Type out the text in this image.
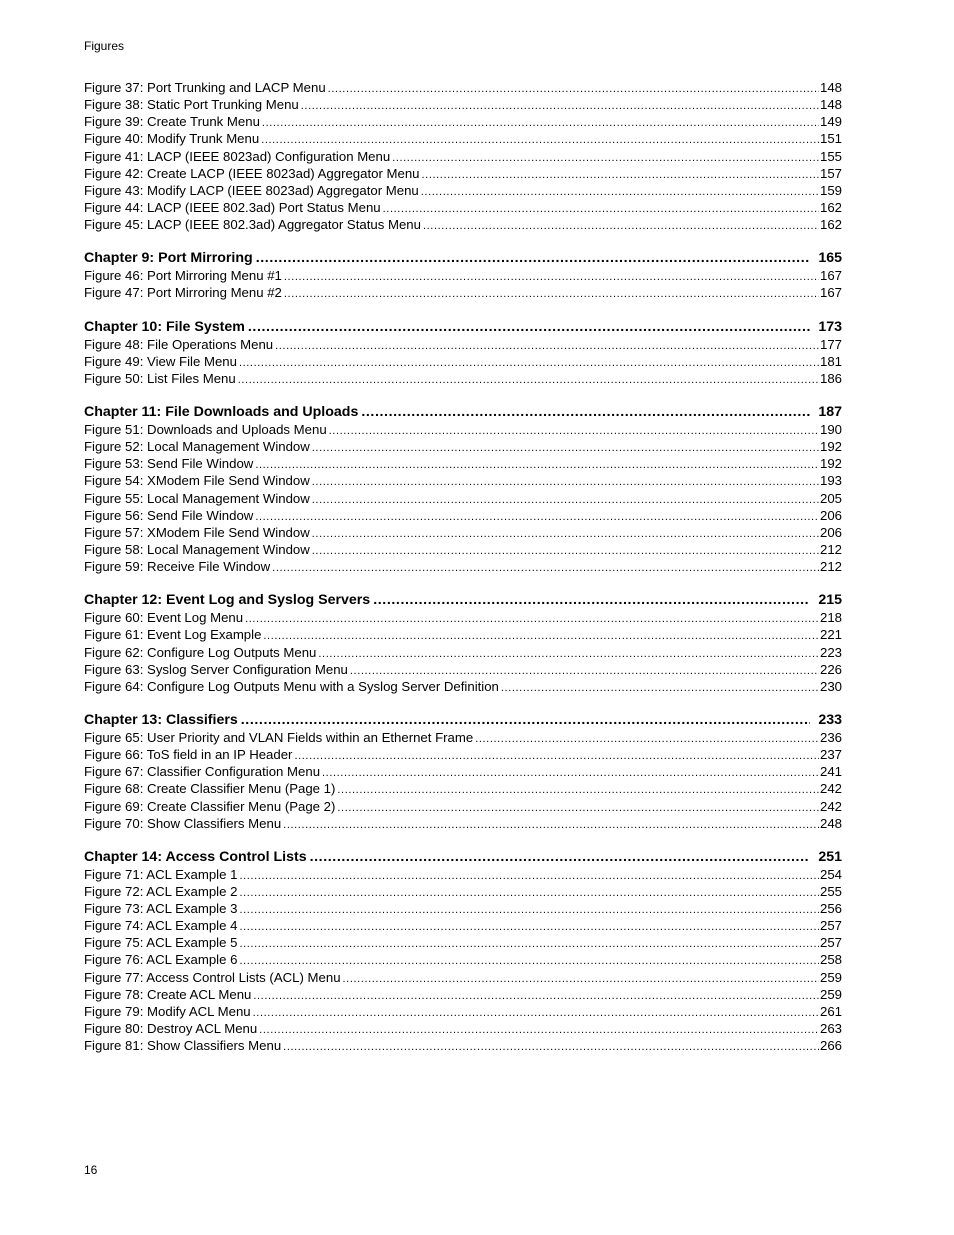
Figures
Figure 37: Port Trunking and LACP Menu .....	148
Figure 38: Static Port Trunking Menu .....	148
Figure 39: Create Trunk Menu .....	149
Figure 40: Modify Trunk Menu .....	151
Figure 41: LACP (IEEE 8023ad) Configuration Menu .....	155
Figure 42: Create LACP (IEEE 8023ad) Aggregator Menu .....	157
Figure 43: Modify LACP (IEEE 8023ad) Aggregator Menu .....	159
Figure 44: LACP (IEEE 802.3ad) Port Status Menu .....	162
Figure 45: LACP (IEEE 802.3ad) Aggregator Status Menu .....	162
Chapter 9: Port Mirroring .....	165
Figure 46: Port Mirroring Menu #1 .....	167
Figure 47: Port Mirroring Menu #2 .....	167
Chapter 10: File System .....	173
Figure 48: File Operations Menu .....	177
Figure 49: View File Menu .....	181
Figure 50: List Files Menu .....	186
Chapter 11: File Downloads and Uploads .....	187
Figure 51: Downloads and Uploads Menu .....	190
Figure 52: Local Management Window .....	192
Figure 53: Send File Window .....	192
Figure 54: XModem File Send Window .....	193
Figure 55: Local Management Window .....	205
Figure 56: Send File Window .....	206
Figure 57: XModem File Send Window .....	206
Figure 58: Local Management Window .....	212
Figure 59: Receive File Window .....	212
Chapter 12: Event Log and Syslog Servers .....	215
Figure 60: Event Log Menu .....	218
Figure 61: Event Log Example .....	221
Figure 62: Configure Log Outputs Menu .....	223
Figure 63: Syslog Server Configuration Menu .....	226
Figure 64: Configure Log Outputs Menu with a Syslog Server Definition .....	230
Chapter 13: Classifiers .....	233
Figure 65: User Priority and VLAN Fields within an Ethernet Frame .....	236
Figure 66: ToS field in an IP Header .....	237
Figure 67: Classifier Configuration Menu .....	241
Figure 68: Create Classifier Menu (Page 1) .....	242
Figure 69: Create Classifier Menu (Page 2) .....	242
Figure 70: Show Classifiers Menu .....	248
Chapter 14: Access Control Lists .....	251
Figure 71: ACL Example 1 .....	254
Figure 72: ACL Example 2 .....	255
Figure 73: ACL Example 3 .....	256
Figure 74: ACL Example 4 .....	257
Figure 75: ACL Example 5 .....	257
Figure 76: ACL Example 6 .....	258
Figure 77: Access Control Lists (ACL) Menu .....	259
Figure 78: Create ACL Menu .....	259
Figure 79: Modify ACL Menu .....	261
Figure 80: Destroy ACL Menu .....	263
Figure 81: Show Classifiers Menu .....	266
16
